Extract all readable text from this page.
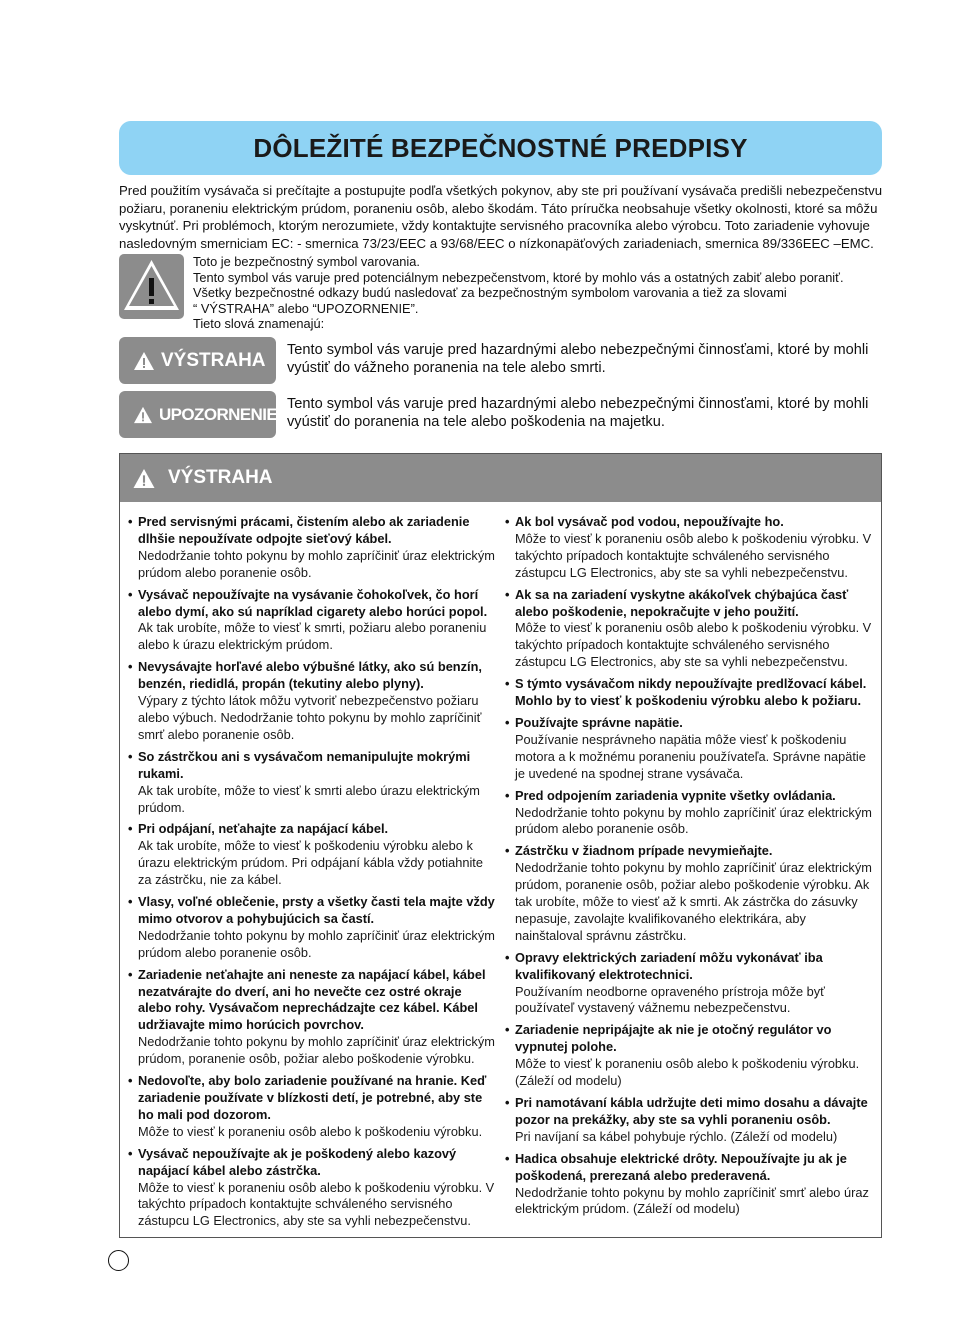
DÔLEŽITÉ BEZPEČNOSTNÉ PREDPISY

Pred použitím vysávača si prečítajte a postupujte podľa všetkých pokynov, aby ste pri používaní vysávača predišli nebezpečenstvu požiaru, poraneniu elektrickým prúdom, poraneniu osôb, alebo škodám. Táto príručka neobsahuje všetky okolnosti, ktoré sa môžu vyskytnúť. Pri problémoch, ktorým nerozumiete, vždy kontaktujte servisného pracovníka alebo výrobcu. Toto zariadenie vyhovuje nasledovným smerniciam EC: - smernica 73/23/EEC a 93/68/EEC o nízkonapäťových zariadeniach, smernica 89/336EEC –EMC.

Toto je bezpečnostný symbol varovania.
Tento symbol vás varuje pred potenciálnym nebezpečenstvom, ktoré by mohlo vás a ostatných zabiť alebo poraniť.
Všetky bezpečnostné odkazy budú nasledovať za bezpečnostným symbolom varovania a tiež za slovami
“ VÝSTRAHA” alebo “UPOZORNENIE”.
Tieto slová znamenajú:
VÝSTRAHA Tento symbol vás varuje pred hazardnými alebo nebezpečnými činnosťami, ktoré by mohli vyústiť do vážneho poranenia na tele alebo smrti.
UPOZORNENIE
Tento symbol vás varuje pred hazardnými alebo nebezpečnými činnosťami, ktoré by mohli vyústiť do poranenia na tele alebo poškodenia na majetku.
VÝSTRAHA
• Pred servisnými prácami, čistením alebo ak zariadenie dlhšie nepoužívate odpojte sieťový kábel.
Nedodržanie tohto pokynu by mohlo zapríčiniť úraz elektrickým prúdom alebo poranenie osôb.
• Vysávač nepoužívajte na vysávanie čohokoľvek, čo horí alebo dymí, ako sú napríklad cigarety alebo horúci popol.
Ak tak urobíte, môže to viesť k smrti, požiaru alebo poraneniu alebo k úrazu elektrickým prúdom.
• Nevysávajte horľavé alebo výbušné látky, ako sú benzín, benzén, riedidlá, propán (tekutiny alebo plyny).
Výpary z týchto látok môžu vytvoriť nebezpečenstvo požiaru alebo výbuch. Nedodržanie tohto pokynu by mohlo zapríčiniť smrť alebo poranenie osôb.
• So zástrčkou ani s vysávačom nemanipulujte mokrými rukami.
Ak tak urobíte, môže to viesť k smrti alebo úrazu elektrickým prúdom.
• Pri odpájaní, neťahajte za napájací kábel.
Ak tak urobíte, môže to viesť k poškodeniu výrobku alebo k úrazu elektrickým prúdom. Pri odpájaní kábla vždy potiahnite za zástrčku, nie za kábel.
• Vlasy, voľné oblečenie, prsty a všetky časti tela majte vždy mimo otvorov a pohybujúcich sa častí.
Nedodržanie tohto pokynu by mohlo zapríčiniť úraz elektrickým prúdom alebo poranenie osôb.
• Zariadenie neťahajte ani neneste za napájací kábel, kábel nezatvárajte do dverí, ani ho nevečte cez ostré okraje alebo rohy. Vysávačom neprechádzajte cez kábel. Kábel udržiavajte mimo horúcich povrchov.
Nedodržanie tohto pokynu by mohlo zapríčiniť úraz elektrickým prúdom, poranenie osôb, požiar alebo poškodenie výrobku.
• Nedovoľte, aby bolo zariadenie používané na hranie. Keď zariadenie používate v blízkosti detí, je potrebné, aby ste ho mali pod dozorom.
Môže to viesť k poraneniu osôb alebo k poškodeniu výrobku.
• Vysávač nepoužívajte ak je poškodený alebo kazový napájací kábel alebo zástrčka.
Môže to viesť k poraneniu osôb alebo k poškodeniu výrobku. V takýchto prípadoch kontaktujte schváleného servisného zástupcu LG Electronics, aby ste sa vyhli nebezpečenstvu.
• Ak bol vysávač pod vodou, nepoužívajte ho.
Môže to viesť k poraneniu osôb alebo k poškodeniu výrobku. V takýchto prípadoch kontaktujte schváleného servisného zástupcu LG Electronics, aby ste sa vyhli nebezpečenstvu.
• Ak sa na zariadení vyskytne akákoľvek chýbajúca časť alebo poškodenie, nepokračujte v jeho použití.
Môže to viesť k poraneniu osôb alebo k poškodeniu výrobku. V takýchto prípadoch kontaktujte schváleného servisného zástupcu LG Electronics, aby ste sa vyhli nebezpečenstvu.
• S týmto vysávačom nikdy nepoužívajte predlžovací kábel. Mohlo by to viesť k poškodeniu výrobku alebo k požiaru.
• Používajte správne napätie.
Používanie nesprávneho napätia môže viesť k poškodeniu motora a k možnému poraneniu používateľa. Správne napätie je uvedené na spodnej strane vysávača.
• Pred odpojením zariadenia vypnite všetky ovládania.
Nedodržanie tohto pokynu by mohlo zapríčiniť úraz elektrickým prúdom alebo poranenie osôb.
• Zástrčku v žiadnom prípade nevymieňajte.
Nedodržanie tohto pokynu by mohlo zapríčiniť úraz elektrickým prúdom, poranenie osôb, požiar alebo poškodenie výrobku. Ak tak urobíte, môže to viesť až k smrti. Ak zástrčka do zásuvky nepasuje, zavolajte kvalifikovaného elektrikára, aby nainštaloval správnu zástrčku.
• Opravy elektrických zariadení môžu vykonávať iba kvalifikovaný elektrotechnici.
Používaním neodborne opraveného prístroja môže byť používateľ vystavený vážnemu nebezpečenstvu.
• Zariadenie nepripájajte ak nie je otočný regulátor vo vypnutej polohe.
Môže to viesť k poraneniu osôb alebo k poškodeniu výrobku. (Záleží od modelu)
• Pri namotávaní kábla udržujte deti mimo dosahu a dávajte pozor na prekážky, aby ste sa vyhli poraneniu osôb.
Pri navíjaní sa kábel pohybuje rýchlo. (Záleží od modelu)
• Hadica obsahuje elektrické drôty. Nepoužívajte ju ak je poškodená, prerezaná alebo prederavená.
Nedodržanie tohto pokynu by mohlo zapríčiniť smrť alebo úraz elektrickým prúdom. (Záleží od modelu)
